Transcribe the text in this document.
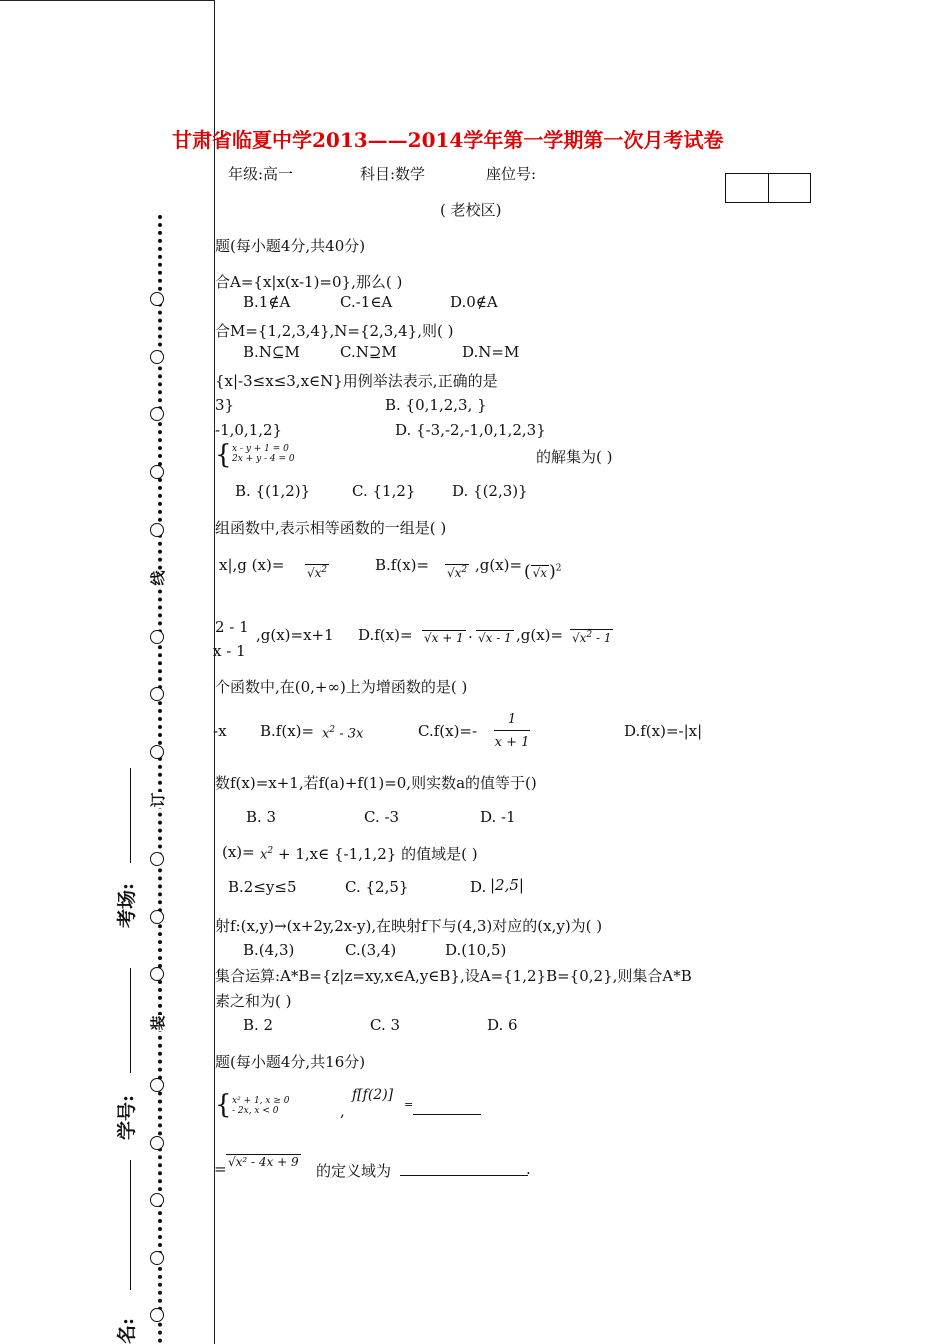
线
订
装
考场:
学号:
名:
甘肃省临夏中学2013——2014学年第一学期第一次月考试卷
年级:高一	科目:数学	座位号:
( 老校区)
题(每小题4分,共40分)
合A={x|x(x-1)=0},那么( )
B.1∉A	C.-1∈A	D.0∉A
合M={1,2,3,4},N={2,3,4},则( )
B.N⊆M	C.N⊇M	D.N=M
{x|-3≤x≤3,x∈N}用例举法表示,正确的是
3}	B. {0,1,2,3, }
-1,0,1,2}	D. {-3,-2,-1,0,1,2,3}
{ x - y + 1 = 0
2x + y - 4 = 0	的解集为( )
B. {(1,2)}	C. {1,2} D. {(2,3)}
组函数中,表示相等函数的一组是( )
x|,g $(x)= √x^2$	$B.f(x)= √x^2$ ,g(x)= ( √x )$^2$
2 - 1 ,g(x)=x+1
x - 1
D.f(x)= √x + 1 · √x - 1 $,g(x)= √x^2 - 1$
个函数中,在(0,+∞)上为增函数的是( )
-x $B.f(x)= x^2 - 3x$	C.f(x)=-
1
x + 1
D.f(x)=-|x|
数f(x)=x+1,若f(a)+f(1)=0,则实数a的值等于()
B. 3	C. -3	D. -1
$(x)= x^2$ + 1,x∈ {-1,1,2} 的值域是( )
B.2≤y≤5	C. {2,5}	D. |2,5|
射f:(x,y)→(x+2y,2x-y),在映射f下与(4,3)对应的(x,y)为( )
B.(4,3)	C.(3,4)	D.(10,5)
集合运算:A*B={z|z=xy,x∈A,y∈B},设A={1,2}B={0,2},则集合A*B
素之和为( )
B. 2	C. 3	D. 6
题(每小题4分,共16分)
{ x² + 1, x ≥ 0
- 2x, x < 0	,
f[f(2)]
=
= √x² - 4x + 9 的定义域为	.
